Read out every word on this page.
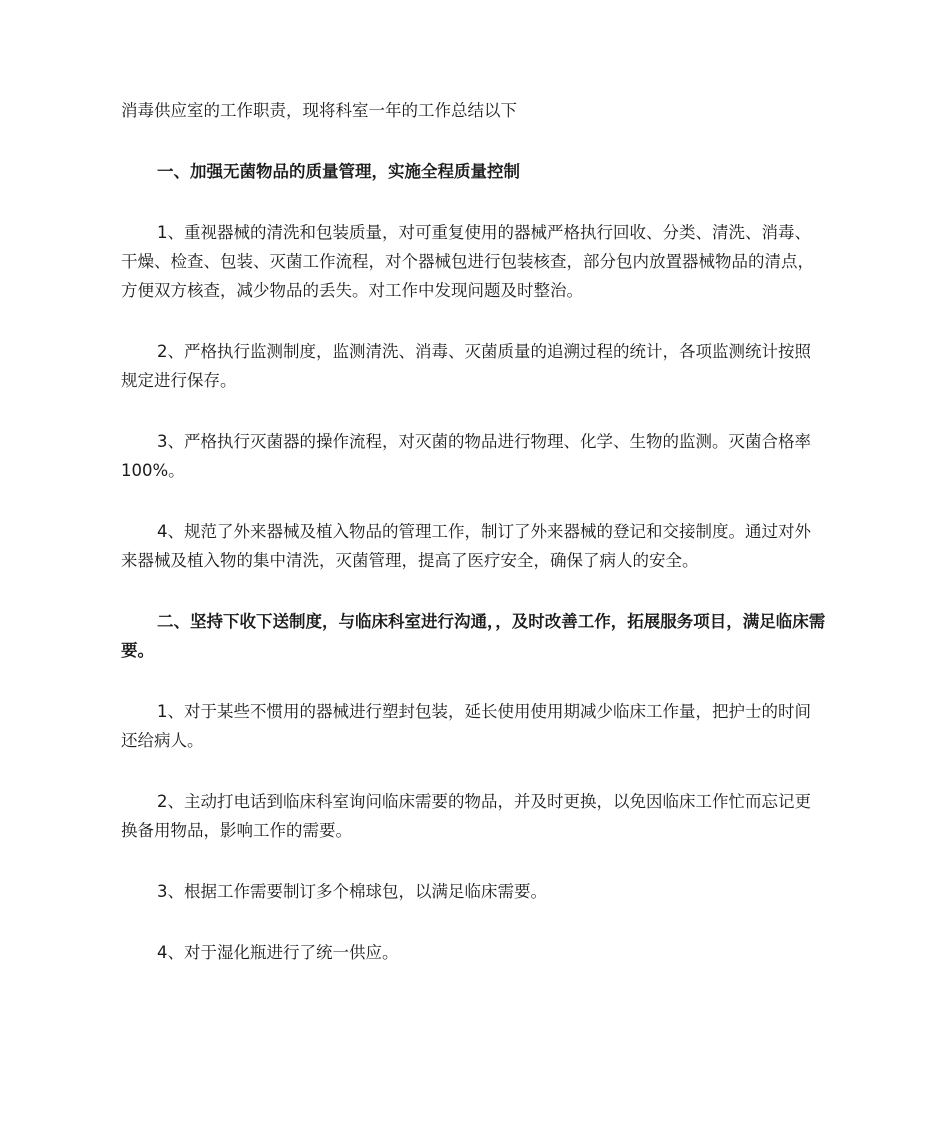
消毒供应室的工作职责，现将科室一年的工作总结以下

一、加强无菌物品的质量管理，实施全程质量控制

1、重视器械的清洗和包装质量，对可重复使用的器械严格执行回收、分类、清洗、消毒、干燥、检查、包装、灭菌工作流程，对个器械包进行包装核查，部分包内放置器械物品的清点，方便双方核查，减少物品的丢失。对工作中发现问题及时整治。

2、严格执行监测制度，监测清洗、消毒、灭菌质量的追溯过程的统计，各项监测统计按照规定进行保存。

3、严格执行灭菌器的操作流程，对灭菌的物品进行物理、化学、生物的监测。灭菌合格率 100%。

4、规范了外来器械及植入物品的管理工作，制订了外来器械的登记和交接制度。通过对外来器械及植入物的集中清洗，灭菌管理，提高了医疗安全，确保了病人的安全。

二、坚持下收下送制度，与临床科室进行沟通，，及时改善工作，拓展服务项目，满足临床需要。

1、对于某些不惯用的器械进行塑封包装，延长使用使用期减少临床工作量，把护士的时间还给病人。

2、主动打电话到临床科室询问临床需要的物品，并及时更换，以免因临床工作忙而忘记更换备用物品，影响工作的需要。

3、根据工作需要制订多个棉球包，以满足临床需要。

4、对于湿化瓶进行了统一供应。
